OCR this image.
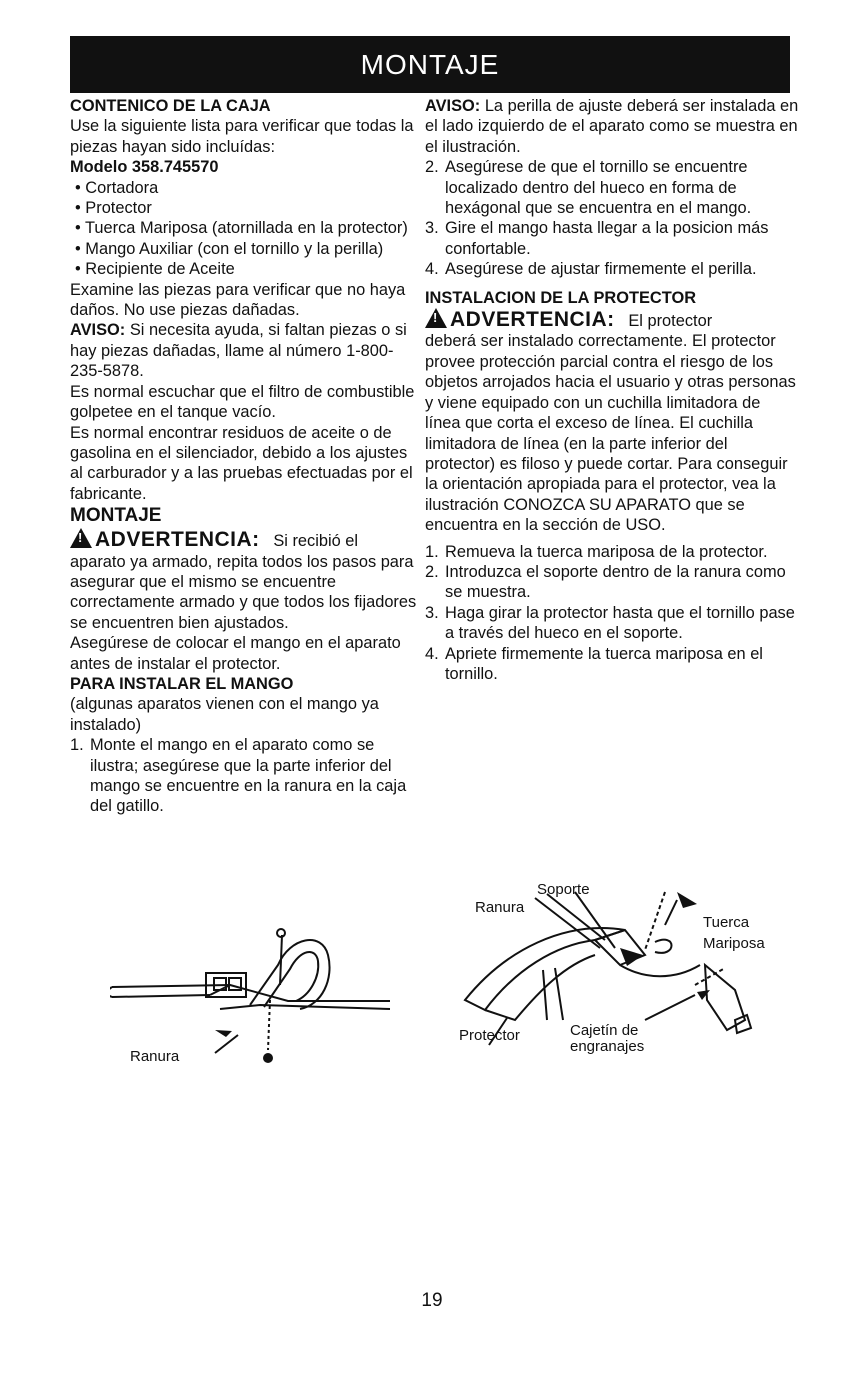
MONTAJE

CONTENICO DE LA CAJA

Use la siguiente lista para verificar que todas la piezas hayan sido incluídas:

Modelo 358.745570

• Cortadora
• Protector
• Tuerca Mariposa (atornillada en la protector)
• Mango Auxiliar (con el tornillo y la perilla)
• Recipiente de Aceite

Examine las piezas para verificar que no haya daños. No use piezas dañadas.

AVISO: Si necesita ayuda, si faltan piezas o si hay piezas dañadas, llame al número 1-800-235-5878.

Es normal escuchar que el filtro de combustible golpetee en el tanque vacío.

Es normal encontrar residuos de aceite o de gasolina en el silenciador, debido a los ajustes al carburador y a las pruebas efectuadas por el fabricante.

MONTAJE

!ADVERTENCIA: Si recibió el

aparato ya armado, repita todos los pasos para asegurar que el mismo se encuentre correctamente armado y que todos los fijadores se encuentren bien ajustados.

Asegúrese de colocar el mango en el aparato antes de instalar el protector.

PARA INSTALAR EL MANGO

(algunas aparatos vienen con el mango ya instalado)

1. Monte el mango en el aparato como se ilustra; asegúrese que la parte inferior del mango se encuentre en la ranura en la caja del gatillo.
Ranura

AVISO: La perilla de ajuste deberá ser instalada en el lado izquierdo de el aparato como se muestra en el ilustración.

2. Asegúrese de que el tornillo se encuentre localizado dentro del hueco en forma de hexágonal que se encuentra en el mango.
3. Gire el mango hasta llegar a la posicion más confortable.
4. Asegúrese de ajustar firmemente el perilla.

INSTALACION DE LA PROTECTOR

!ADVERTENCIA: El protector

deberá ser instalado correctamente. El protector provee protección parcial contra el riesgo de los objetos arrojados hacia el usuario y otras personas y viene equipado con un cuchilla limitadora de línea que corta el exceso de línea. El cuchilla limitadora de línea (en la parte inferior del protector) es filoso y puede cortar. Para conseguir la orientación apropiada para el protector, vea la ilustración CONOZCA SU APARATO que se encuentra en la sección de USO.

1. Remueva la tuerca mariposa de la protector.
2. Introduzca el soporte dentro de la ranura como se muestra.
3. Haga girar la protector hasta que el tornillo pase a través del hueco en el soporte.
4. Apriete firmemente la tuerca mariposa en el tornillo.
Soporte
Ranura
Tuerca
Mariposa
Protector	Cajetín de
engranajes
19
